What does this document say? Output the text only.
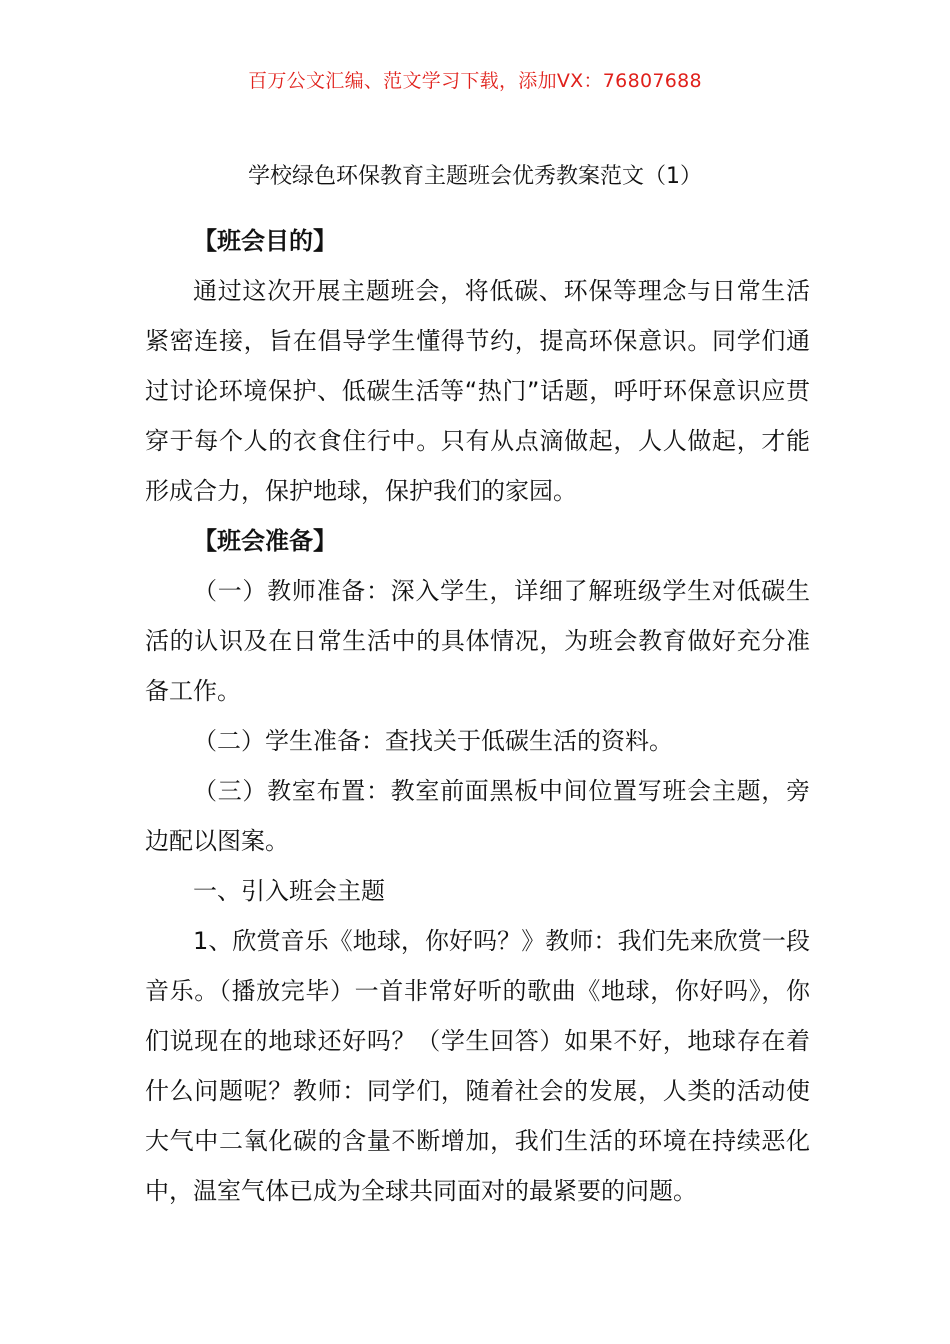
百万公文汇编、范文学习下载，添加VX：76807688
学校绿色环保教育主题班会优秀教案范文（1）

【班会目的】

通过这次开展主题班会，将低碳、环保等理念与日常生活紧密连接，旨在倡导学生懂得节约，提高环保意识。同学们通过讨论环境保护、低碳生活等“热门”话题，呼吁环保意识应贯穿于每个人的衣食住行中。只有从点滴做起，人人做起，才能形成合力，保护地球，保护我们的家园。

【班会准备】

（一）教师准备：深入学生，详细了解班级学生对低碳生活的认识及在日常生活中的具体情况，为班会教育做好充分准备工作。

（二）学生准备：查找关于低碳生活的资料。

（三）教室布置：教室前面黑板中间位置写班会主题，旁边配以图案。

一、引入班会主题

1、欣赏音乐《地球，你好吗？》教师：我们先来欣赏一段音乐。（播放完毕）一首非常好听的歌曲《地球，你好吗》，你们说现在的地球还好吗？（学生回答）如果不好，地球存在着什么问题呢？教师：同学们，随着社会的发展，人类的活动使大气中二氧化碳的含量不断增加，我们生活的环境在持续恶化中，温室气体已成为全球共同面对的最紧要的问题。
